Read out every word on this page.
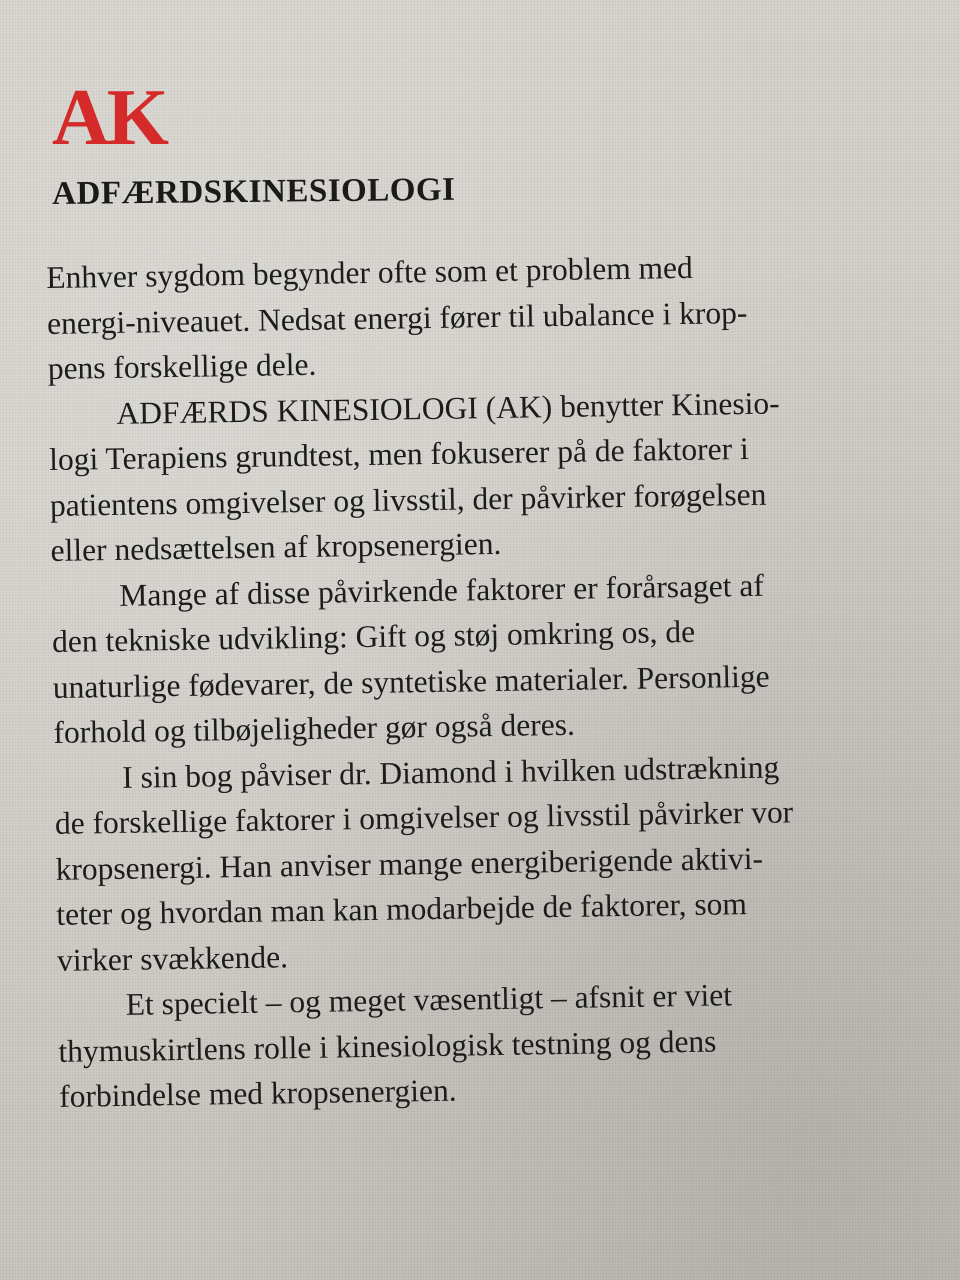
AK
ADFÆRDSKINESIOLOGI

Enhver sygdom begynder ofte som et problem med

energi-niveauet. Nedsat energi fører til ubalance i krop-

pens forskellige dele.

ADFÆRDS KINESIOLOGI (AK) benytter Kinesio-

logi Terapiens grundtest, men fokuserer på de faktorer i

patientens omgivelser og livsstil, der påvirker forøgelsen

eller nedsættelsen af kropsenergien.

Mange af disse påvirkende faktorer er forårsaget af

den tekniske udvikling: Gift og støj omkring os, de

unaturlige fødevarer, de syntetiske materialer. Personlige

forhold og tilbøjeligheder gør også deres.

I sin bog påviser dr. Diamond i hvilken udstrækning

de forskellige faktorer i omgivelser og livsstil påvirker vor

kropsenergi. Han anviser mange energiberigende aktivi-

teter og hvordan man kan modarbejde de faktorer, som

virker svækkende.

Et specielt – og meget væsentligt – afsnit er viet

thymuskirtlens rolle i kinesiologisk testning og dens

forbindelse med kropsenergien.
